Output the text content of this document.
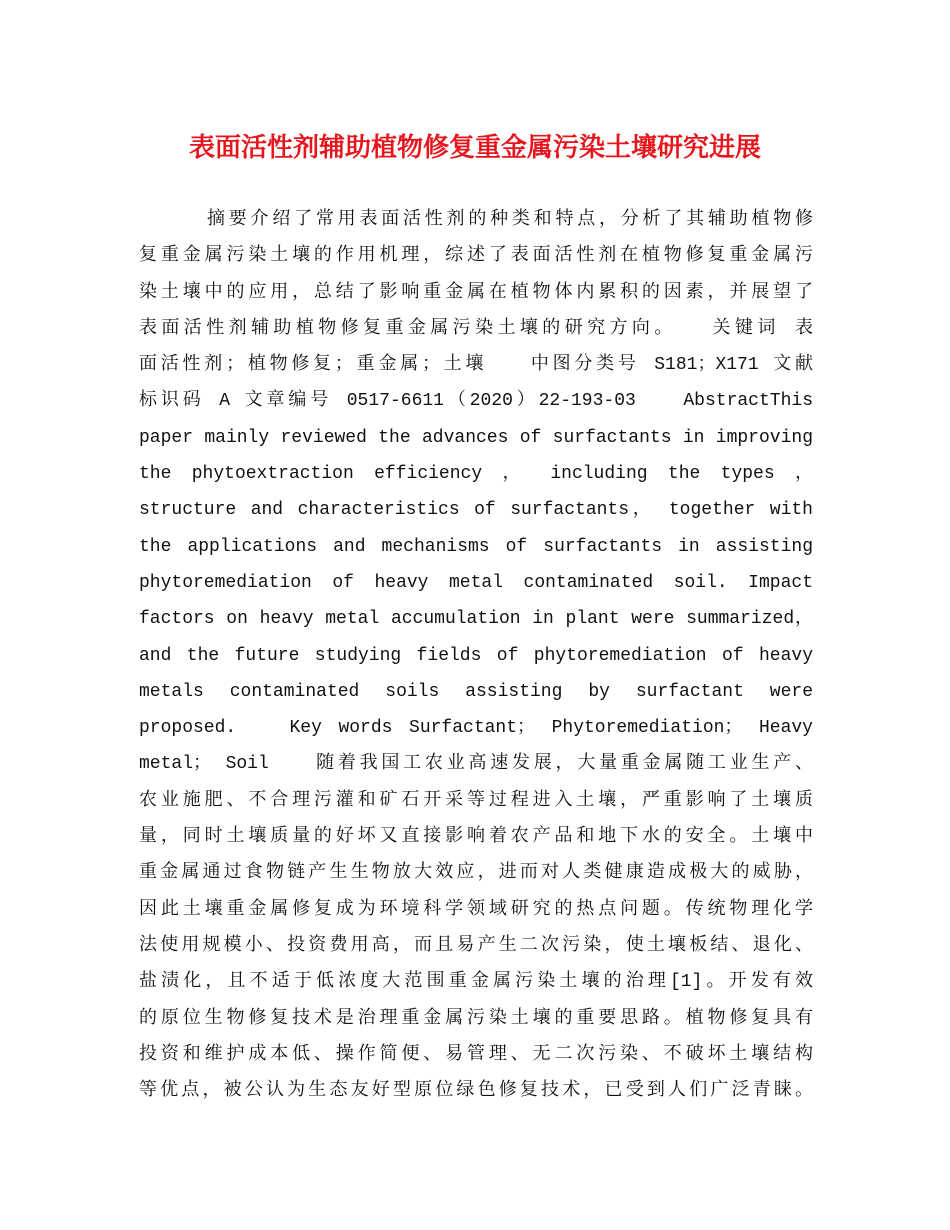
表面活性剂辅助植物修复重金属污染土壤研究进展
摘要介绍了常用表面活性剂的种类和特点，分析了其辅助植物修
复重金属污染土壤的作用机理，综述了表面活性剂在植物修复重金属污
染土壤中的应用，总结了影响重金属在植物体内累积的因素，并展望了
表面活性剂辅助植物修复重金属污染土壤的研究方向。　　关键词 表
面活性剂；植物修复；重金属；土壤　　中图分类号 S181；X171 文献
标识码 A 文章编号 0517-6611（2020）22-193-03　　AbstractThis
paper mainly reviewed the advances of surfactants in improving
the phytoextraction efficiency ， including the types ，
structure and characteristics of surfactants， together with
the applications and mechanisms of surfactants in assisting
phytoremediation of heavy metal contaminated soil. Impact
factors on heavy metal accumulation in plant were summarized，
and the future studying fields of phytoremediation of heavy
metals contaminated soils assisting by surfactant were
proposed.　　Key words Surfactant； Phytoremediation； Heavy
metal； Soil　　随着我国工农业高速发展，大量重金属随工业生产、
农业施肥、不合理污灌和矿石开采等过程进入土壤，严重影响了土壤质
量，同时土壤质量的好坏又直接影响着农产品和地下水的安全。土壤中
重金属通过食物链产生生物放大效应，进而对人类健康造成极大的威胁，
因此土壤重金属修复成为环境科学领域研究的热点问题。传统物理化学
法使用规模小、投资费用高，而且易产生二次污染，使土壤板结、退化、
盐渍化，且不适于低浓度大范围重金属污染土壤的治理[1]。开发有效
的原位生物修复技术是治理重金属污染土壤的重要思路。植物修复具有
投资和维护成本低、操作简便、易管理、无二次污染、不破坏土壤结构
等优点，被公认为生态友好型原位绿色修复技术，已受到人们广泛青睐。
